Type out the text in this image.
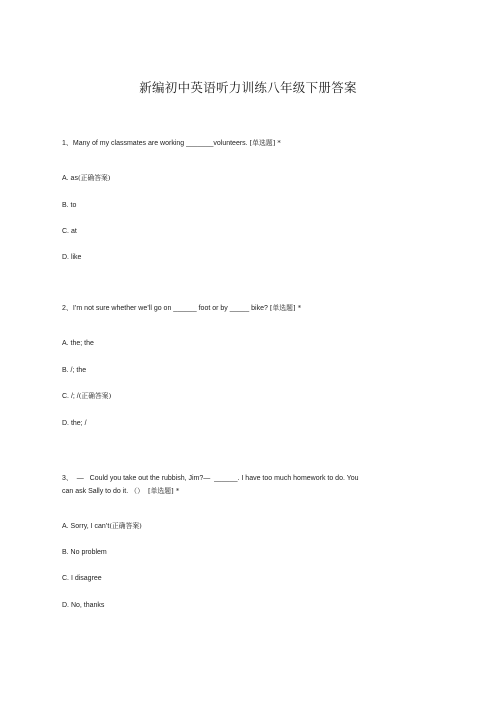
新编初中英语听力训练八年级下册答案
1、Many of my classmates are working _______volunteers. [单选题] *
A. as(正确答案)
B. to
C. at
D. like
2、I’m not sure whether we’ll go on ______ foot or by _____ bike? [单选题] *
A. the; the
B. /; the
C. /; /(正确答案)
D. the; /
3、 — Could you take out the rubbish, Jim?— ______. I have too much homework to do. You
can ask Sally to do it. （） [单选题] *
A. Sorry, I can’t(正确答案)
B. No problem
C. I disagree
D. No, thanks
